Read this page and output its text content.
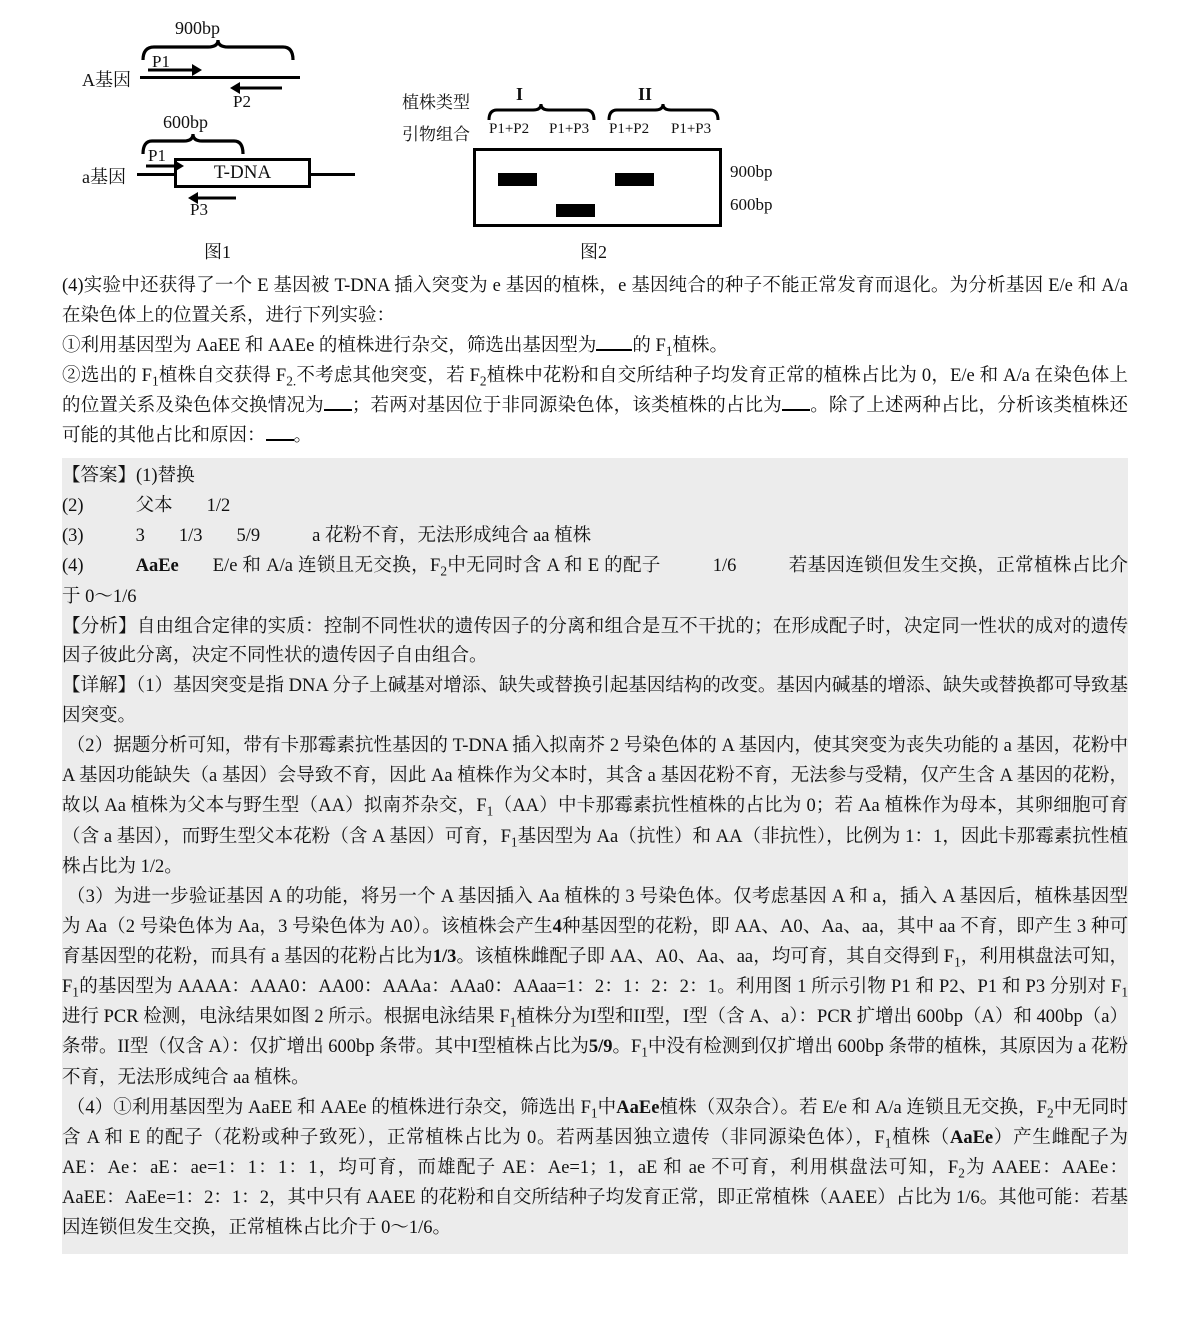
900bp
A基因
P1
P2
600bp
a基因	T-DNA
P1
P3
图1
植株类型
引物组合
I	II
P1+P2 P1+P3 P1+P2 P1+P3
900bp
600bp
图2

(4)实验中还获得了一个 E 基因被 T-DNA 插入突变为 e 基因的植株，e 基因纯合的种子不能正常发育而退化。为分析基因 E/e 和 A/a 在染色体上的位置关系，进行下列实验：

①利用基因型为 AaEE 和 AAEe 的植株进行杂交，筛选出基因型为 的 $F_1$植株。

②选出的 $F_1$植株自交获得 $F_{2.}$不考虑其他突变，若 $F_2$植株中花粉和自交所结种子均发育正常的植株占比为 0，E/e 和 A/a 在染色体上的位置关系及染色体交换情况为 ；若两对基因位于非同源染色体，该类植株的占比为 。除了上述两种占比，分析该类植株还可能的其他占比和原因： 。

【答案】(1)替换

(2)	父本 1/2

(3)	3 1/3 5/9	a 花粉不育，无法形成纯合 aa 植株

(4)	AaEe E/e 和 A/a 连锁且无交换，$F_2$中无同时含 A 和 E 的配子	1/6	若基因连锁但发生交换，正常植株占比介于 0～1/6

【分析】自由组合定律的实质：控制不同性状的遗传因子的分离和组合是互不干扰的；在形成配子时，决定同一性状的成对的遗传因子彼此分离，决定不同性状的遗传因子自由组合。

【详解】（1）基因突变是指 DNA 分子上碱基对增添、缺失或替换引起基因结构的改变。基因内碱基的增添、缺失或替换都可导致基因突变。

（2）据题分析可知，带有卡那霉素抗性基因的 T-DNA 插入拟南芥 2 号染色体的 A 基因内，使其突变为丧失功能的 a 基因，花粉中 A 基因功能缺失（a 基因）会导致不育，因此 Aa 植株作为父本时，其含 a 基因花粉不育，无法参与受精，仅产生含 A 基因的花粉，故以 Aa 植株为父本与野生型（AA）拟南芥杂交，$F_1(AA)$中卡那霉素抗性植株的占比为 0；若 Aa 植株作为母本，其卵细胞可育（含 a 基因），而野生型父本花粉（含 A 基因）可育，$F_1$基因型为 Aa（抗性）和 AA（非抗性），比例为 1：1，因此卡那霉素抗性植株占比为 1/2。

（3）为进一步验证基因 A 的功能，将另一个 A 基因插入 Aa 植株的 3 号染色体。仅考虑基因 A 和 a，插入 A 基因后，植株基因型为 Aa（2 号染色体为 Aa，3 号染色体为 A0）。该植株会产生4种基因型的花粉，即 AA、A0、Aa、aa，其中 aa 不育，即产生 3 种可育基因型的花粉，而具有 a 基因的花粉占比为1/3。该植株雌配子即 AA、A0、Aa、aa，均可育，其自交得到 $F_1$，利用棋盘法可知，$F_1$的基因型为 AAAA：AAA0：AA00：AAAa：AAa0：AAaa=1：2：1：2：2：1。利用图 1 所示引物 P1 和 P2、P1 和 P3 分别对 $F_1$进行 PCR 检测，电泳结果如图 2 所示。根据电泳结果 $F_1$植株分为I型和II型，I型（含 A、a）：PCR 扩增出 600bp（A）和 400bp（a）条带。II型（仅含 A）：仅扩增出 600bp 条带。其中I型植株占比为5/9。$F_1$中没有检测到仅扩增出 600bp 条带的植株，其原因为 a 花粉不育，无法形成纯合 aa 植株。

（4）①利用基因型为 AaEE 和 AAEe 的植株进行杂交，筛选出 $F_1$中AaEe植株（双杂合）。若 E/e 和 A/a 连锁且无交换，$F_2$中无同时含 A 和 E 的配子（花粉或种子致死），正常植株占比为 0。若两基因独立遗传（非同源染色体），$F_1$植株（AaEe）产生雌配子为 AE：Ae：aE：ae=1：1：1：1，均可育，而雄配子 AE：Ae=1；1，aE 和 ae 不可育，利用棋盘法可知，$F_2$为 AAEE：AAEe：AaEE：AaEe=1：2：1：2，其中只有 AAEE 的花粉和自交所结种子均发育正常，即正常植株（AAEE）占比为 1/6。其他可能：若基因连锁但发生交换，正常植株占比介于 0～1/6。
